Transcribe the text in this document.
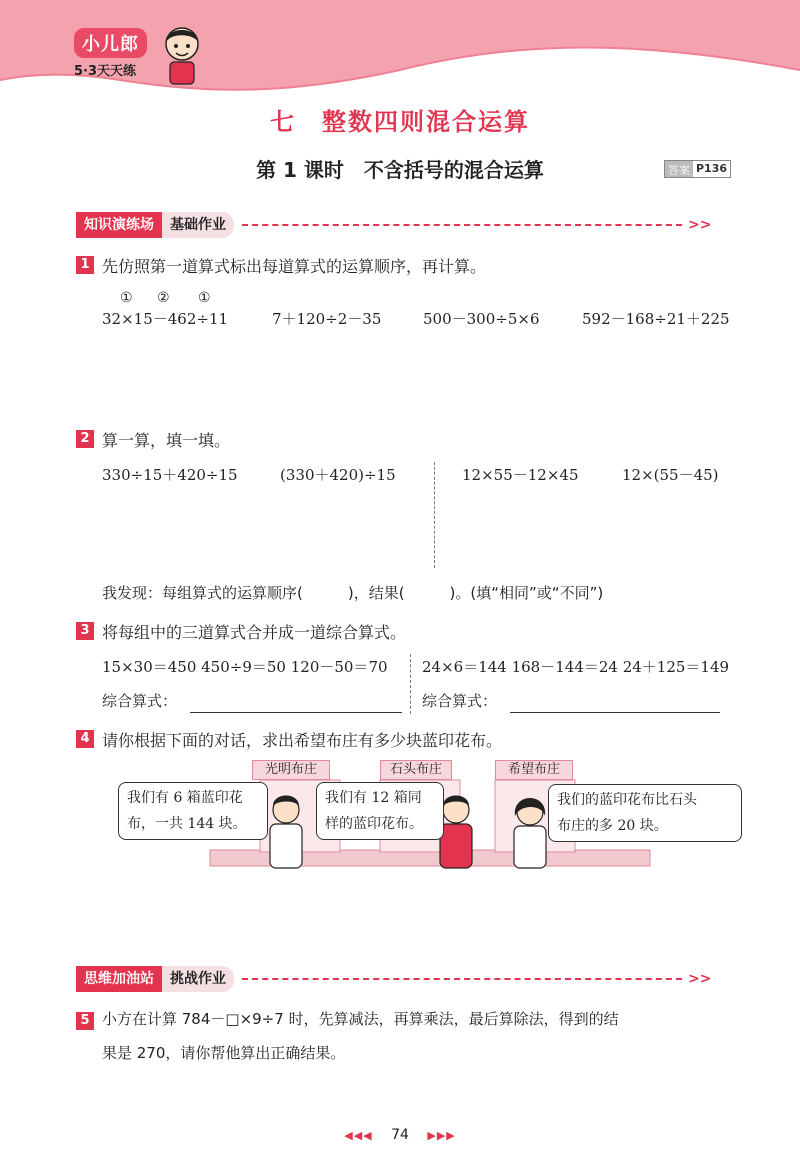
小儿郎
5·3天天练
七　整数四则混合运算
第 1 课时　不含括号的混合运算	答案 P136
知识演练场	基础作业	>>
1 先仿照第一道算式标出每道算式的运算顺序，再计算。
① ② ①
32×15－462÷11	7＋120÷2－35	500－300÷5×6	592－168÷21＋225
2 算一算，填一填。
330÷15＋420÷15	(330＋420)÷15	12×55－12×45	12×(55－45)
我发现：每组算式的运算顺序(　　　)，结果(　　　)。(填“相同”或“不同”)
3 将每组中的三道算式合并成一道综合算式。
15×30＝450 450÷9＝50 120－50＝70 24×6＝144 168－144＝24 24＋125＝149
综合算式：	综合算式：
4 请你根据下面的对话，求出希望布庄有多少块蓝印花布。
光明布庄	石头布庄	希望布庄
我们有 6 箱蓝印花
布，一共 144 块。
我们有 12 箱同
样的蓝印花布。
我们的蓝印花布比石头
布庄的多 20 块。
思维加油站	挑战作业	>>
5 小方在计算 784－□×9÷7 时，先算减法，再算乘法，最后算除法，得到的结
果是 270，请你帮他算出正确结果。
◀◀◀ 74 ▶▶▶
